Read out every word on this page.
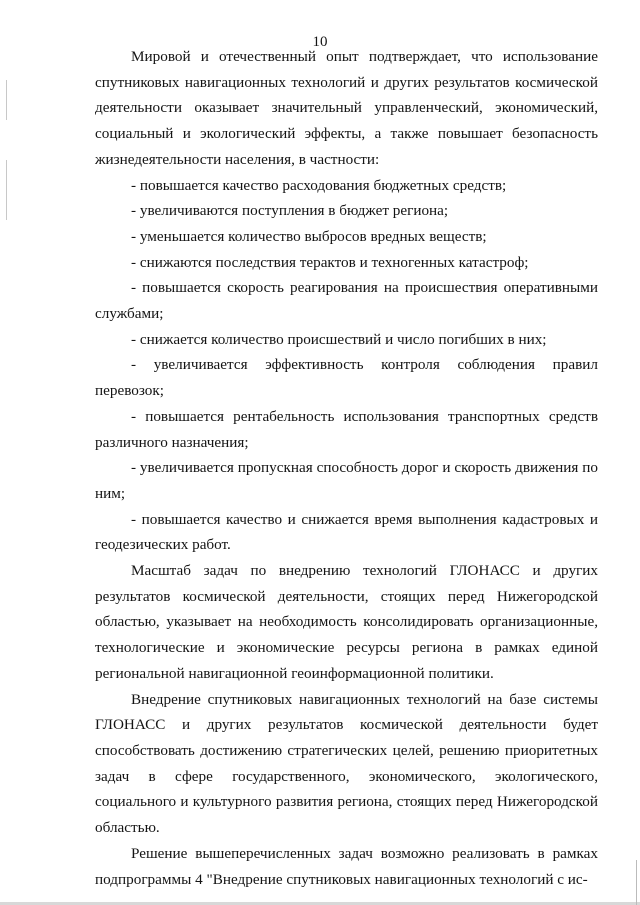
10

Мировой и отечественный опыт подтверждает, что использование спутниковых навигационных технологий и других результатов космической деятельности оказывает значительный управленческий, экономический, социальный и экологический эффекты, а также повышает безопасность жизнедеятельности населения, в частности:

- повышается качество расходования бюджетных средств;

- увеличиваются поступления в бюджет региона;

- уменьшается количество выбросов вредных веществ;

- снижаются последствия терактов и техногенных катастроф;

- повышается скорость реагирования на происшествия оперативными службами;

- снижается количество происшествий и число погибших в них;

- увеличивается эффективность контроля соблюдения правил перевозок;

- повышается рентабельность использования транспортных средств различного назначения;

- увеличивается пропускная способность дорог и скорость движения по ним;

- повышается качество и снижается время выполнения кадастровых и геодезических работ.

Масштаб задач по внедрению технологий ГЛОНАСС и других результатов космической деятельности, стоящих перед Нижегородской областью, указывает на необходимость консолидировать организационные, технологические и экономические ресурсы региона в рамках единой региональной навигационной геоинформационной политики.

Внедрение спутниковых навигационных технологий на базе системы ГЛОНАСС и других результатов космической деятельности будет способствовать достижению стратегических целей, решению приоритетных задач в сфере государственного, экономического, экологического, социального и культурного развития региона, стоящих перед Нижегородской областью.

Решение вышеперечисленных задач возможно реализовать в рамках подпрограммы 4 "Внедрение спутниковых навигационных технологий с ис-
